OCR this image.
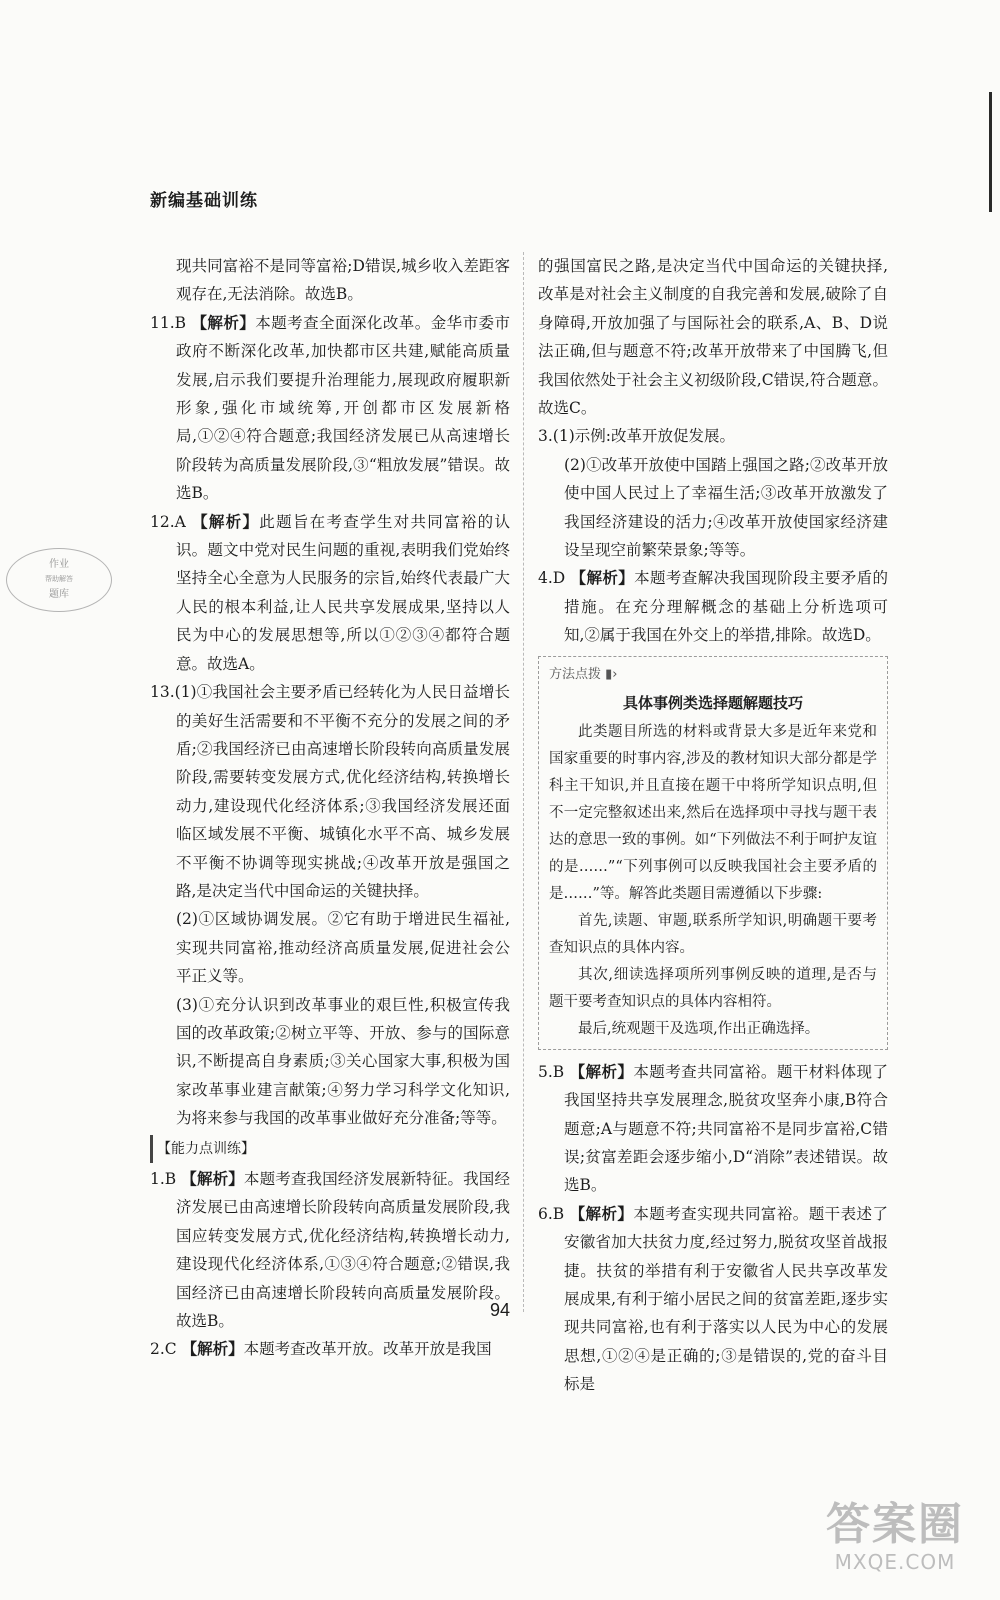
新编基础训练
作业
帮助解答
题库

现共同富裕不是同等富裕;D错误,城乡收入差距客观存在,无法消除。故选B。

11.B 【解析】本题考查全面深化改革。金华市委市政府不断深化改革,加快都市区共建,赋能高质量发展,启示我们要提升治理能力,展现政府履职新形象,强化市域统筹,开创都市区发展新格局,①②④符合题意;我国经济发展已从高速增长阶段转为高质量发展阶段,③“粗放发展”错误。故选B。

12.A 【解析】此题旨在考查学生对共同富裕的认识。题文中党对民生问题的重视,表明我们党始终坚持全心全意为人民服务的宗旨,始终代表最广大人民的根本利益,让人民共享发展成果,坚持以人民为中心的发展思想等,所以①②③④都符合题意。故选A。

13.(1)①我国社会主要矛盾已经转化为人民日益增长的美好生活需要和不平衡不充分的发展之间的矛盾;②我国经济已由高速增长阶段转向高质量发展阶段,需要转变发展方式,优化经济结构,转换增长动力,建设现代化经济体系;③我国经济发展还面临区域发展不平衡、城镇化水平不高、城乡发展不平衡不协调等现实挑战;④改革开放是强国之路,是决定当代中国命运的关键抉择。

(2)①区域协调发展。②它有助于增进民生福祉,实现共同富裕,推动经济高质量发展,促进社会公平正义等。

(3)①充分认识到改革事业的艰巨性,积极宣传我国的改革政策;②树立平等、开放、参与的国际意识,不断提高自身素质;③关心国家大事,积极为国家改革事业建言献策;④努力学习科学文化知识,为将来参与我国的改革事业做好充分准备;等等。

【能力点训练】

1.B 【解析】本题考查我国经济发展新特征。我国经济发展已由高速增长阶段转向高质量发展阶段,我国应转变发展方式,优化经济结构,转换增长动力,建设现代化经济体系,①③④符合题意;②错误,我国经济已由高速增长阶段转向高质量发展阶段。故选B。

2.C 【解析】本题考查改革开放。改革开放是我国

的强国富民之路,是决定当代中国命运的关键抉择,改革是对社会主义制度的自我完善和发展,破除了自身障碍,开放加强了与国际社会的联系,A、B、D说法正确,但与题意不符;改革开放带来了中国腾飞,但我国依然处于社会主义初级阶段,C错误,符合题意。故选C。

3.(1)示例:改革开放促发展。

(2)①改革开放使中国踏上强国之路;②改革开放使中国人民过上了幸福生活;③改革开放激发了我国经济建设的活力;④改革开放使国家经济建设呈现空前繁荣景象;等等。

4.D 【解析】本题考查解决我国现阶段主要矛盾的措施。在充分理解概念的基础上分析选项可知,②属于我国在外交上的举措,排除。故选D。

方法点拨 ▮›
具体事例类选择题解题技巧

此类题目所选的材料或背景大多是近年来党和国家重要的时事内容,涉及的教材知识大部分都是学科主干知识,并且直接在题干中将所学知识点明,但不一定完整叙述出来,然后在选择项中寻找与题干表达的意思一致的事例。如“下列做法不利于呵护友谊的是……”“下列事例可以反映我国社会主要矛盾的是……”等。解答此类题目需遵循以下步骤:

首先,读题、审题,联系所学知识,明确题干要考查知识点的具体内容。

其次,细读选择项所列事例反映的道理,是否与题干要考查知识点的具体内容相符。

最后,统观题干及选项,作出正确选择。

5.B 【解析】本题考查共同富裕。题干材料体现了我国坚持共享发展理念,脱贫攻坚奔小康,B符合题意;A与题意不符;共同富裕不是同步富裕,C错误;贫富差距会逐步缩小,D“消除”表述错误。故选B。

6.B 【解析】本题考查实现共同富裕。题干表述了安徽省加大扶贫力度,经过努力,脱贫攻坚首战报捷。扶贫的举措有利于安徽省人民共享改革发展成果,有利于缩小居民之间的贫富差距,逐步实现共同富裕,也有利于落实以人民为中心的发展思想,①②④是正确的;③是错误的,党的奋斗目标是

94
答案圈
MXQE.COM
